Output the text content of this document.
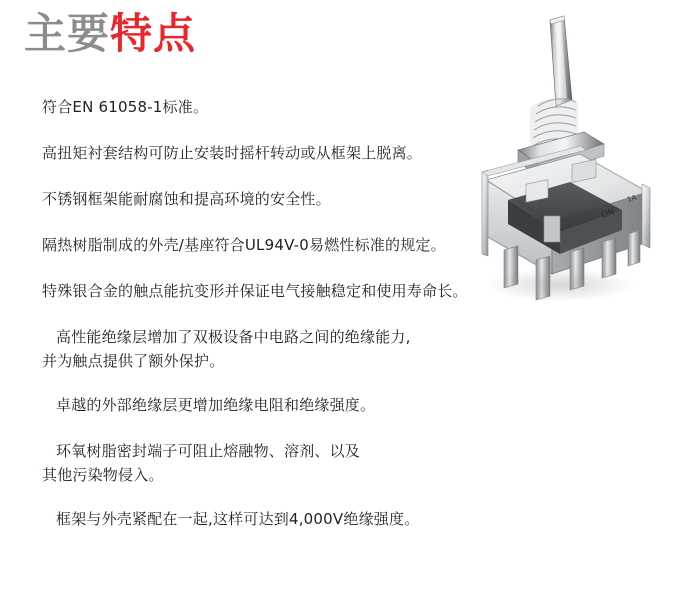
主要特点
ON
1A

符合EN 61058-1标准。

高扭矩衬套结构可防止安装时摇杆转动或从框架上脱离。

不锈钢框架能耐腐蚀和提高环境的安全性。

隔热树脂制成的外壳/基座符合UL94V-0易燃性标准的规定。

特殊银合金的触点能抗变形并保证电气接触稳定和使用寿命长。

高性能绝缘层增加了双极设备中电路之间的绝缘能力,
并为触点提供了额外保护。

卓越的外部绝缘层更增加绝缘电阻和绝缘强度。

环氧树脂密封端子可阻止熔融物、溶剂、以及
其他污染物侵入。

框架与外壳紧配在一起,这样可达到4,000V绝缘强度。
